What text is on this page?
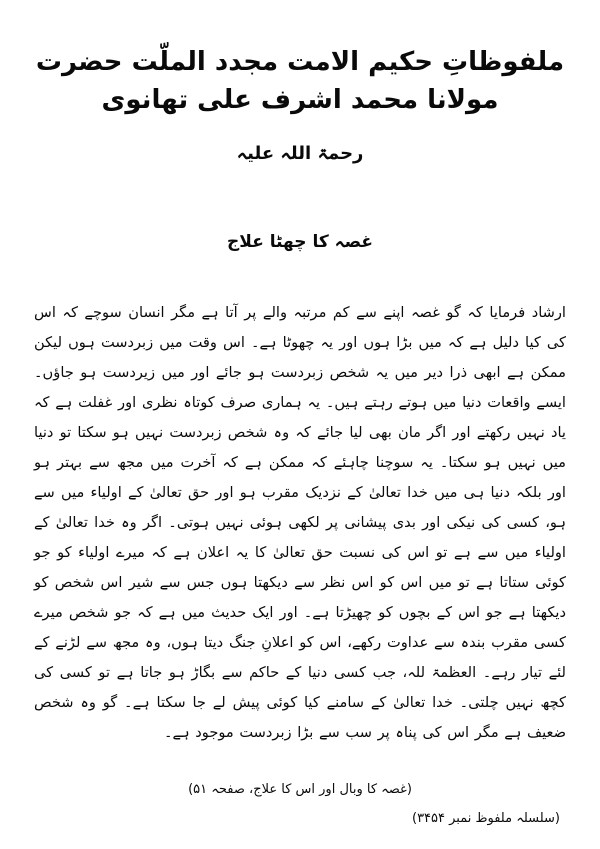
ملفوظاتِ حکیم الامت مجدد الملّت حضرت مولانا محمد اشرف علی تھانوی
رحمۃ اللہ علیہ
غصہ کا چھٹا علاج

ارشاد فرمایا کہ گو غصہ اپنے سے کم مرتبہ والے پر آتا ہے مگر انسان سوچے کہ اس کی کیا دلیل ہے کہ میں بڑا ہوں اور یہ چھوٹا ہے۔ اس وقت میں زبردست ہوں لیکن ممکن ہے ابھی ذرا دیر میں یہ شخص زبردست ہو جائے اور میں زیردست ہو جاؤں۔ ایسے واقعات دنیا میں ہوتے رہتے ہیں۔ یہ ہماری صرف کوتاہ نظری اور غفلت ہے کہ یاد نہیں رکھتے اور اگر مان بھی لیا جائے کہ وہ شخص زبردست نہیں ہو سکتا تو دنیا میں نہیں ہو سکتا۔ یہ سوچنا چاہئے کہ ممکن ہے کہ آخرت میں مجھ سے بہتر ہو اور بلکہ دنیا ہی میں خدا تعالیٰ کے نزدیک مقرب ہو اور حق تعالیٰ کے اولیاء میں سے ہو، کسی کی نیکی اور بدی پیشانی پر لکھی ہوئی نہیں ہوتی۔ اگر وہ خدا تعالیٰ کے اولیاء میں سے ہے تو اس کی نسبت حق تعالیٰ کا یہ اعلان ہے کہ میرے اولیاء کو جو کوئی ستاتا ہے تو میں اس کو اس نظر سے دیکھتا ہوں جس سے شیر اس شخص کو دیکھتا ہے جو اس کے بچوں کو چھیڑتا ہے۔ اور ایک حدیث میں ہے کہ جو شخص میرے کسی مقرب بندہ سے عداوت رکھے، اس کو اعلانِ جنگ دیتا ہوں، وہ مجھ سے لڑنے کے لئے تیار رہے۔ العظمۃ للہ، جب کسی دنیا کے حاکم سے بگاڑ ہو جاتا ہے تو کسی کی کچھ نہیں چلتی۔ خدا تعالیٰ کے سامنے کیا کوئی پیش لے جا سکتا ہے۔ گو وہ شخص ضعیف ہے مگر اس کی پناہ پر سب سے بڑا زبردست موجود ہے۔

(غصہ کا وبال اور اس کا علاج، صفحہ ۵۱)
(سلسلہ ملفوظ نمبر ۳۴۵۴)
